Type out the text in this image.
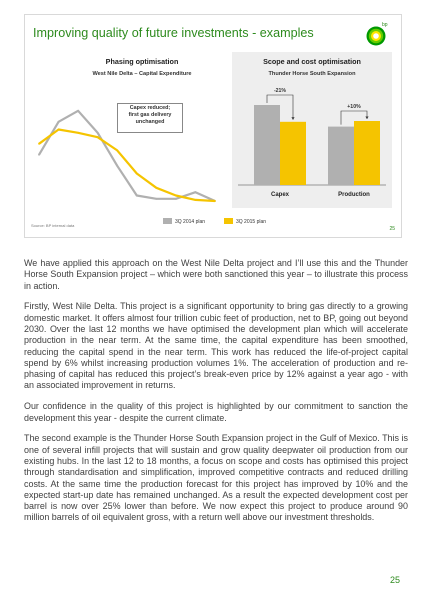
Improving quality of future investments - examples
bp
Phasing optimisation
West Nile Delta – Capital Expenditure
Capex reduced;
first gas delivery
unchanged
Scope and cost optimisation
Thunder Horse South Expansion
-21%
Capex
+10%
Production
3Q 2014 plan	3Q 2015 plan
Source: BP internal data
25

We have applied this approach on the West Nile Delta project and I’ll use this and the Thunder Horse South Expansion project – which were both sanctioned this year – to illustrate this process in action.

Firstly, West Nile Delta. This project is a significant opportunity to bring gas directly to a growing domestic market. It offers almost four trillion cubic feet of production, net to BP, going out beyond 2030. Over the last 12 months we have optimised the development plan which will accelerate production in the near term. At the same time, the capital expenditure has been smoothed, reducing the capital spend in the near term. This work has reduced the life-of-project capital spend by 6% whilst increasing production volumes 1%. The acceleration of production and re-phasing of capital has reduced this project’s break-even price by 12% against a year ago - with an associated improvement in returns.

Our confidence in the quality of this project is highlighted by our commitment to sanction the development this year - despite the current climate.

The second example is the Thunder Horse South Expansion project in the Gulf of Mexico. This is one of several infill projects that will sustain and grow quality deepwater oil production from our existing hubs. In the last 12 to 18 months, a focus on scope and costs has optimised this project through standardisation and simplification, improved competitive contracts and reduced drilling costs. At the same time the production forecast for this project has improved by 10% and the expected start-up date has remained unchanged. As a result the expected development cost per barrel is now over 25% lower than before. We now expect this project to produce around 90 million barrels of oil equivalent gross, with a return well above our investment thresholds.

25
